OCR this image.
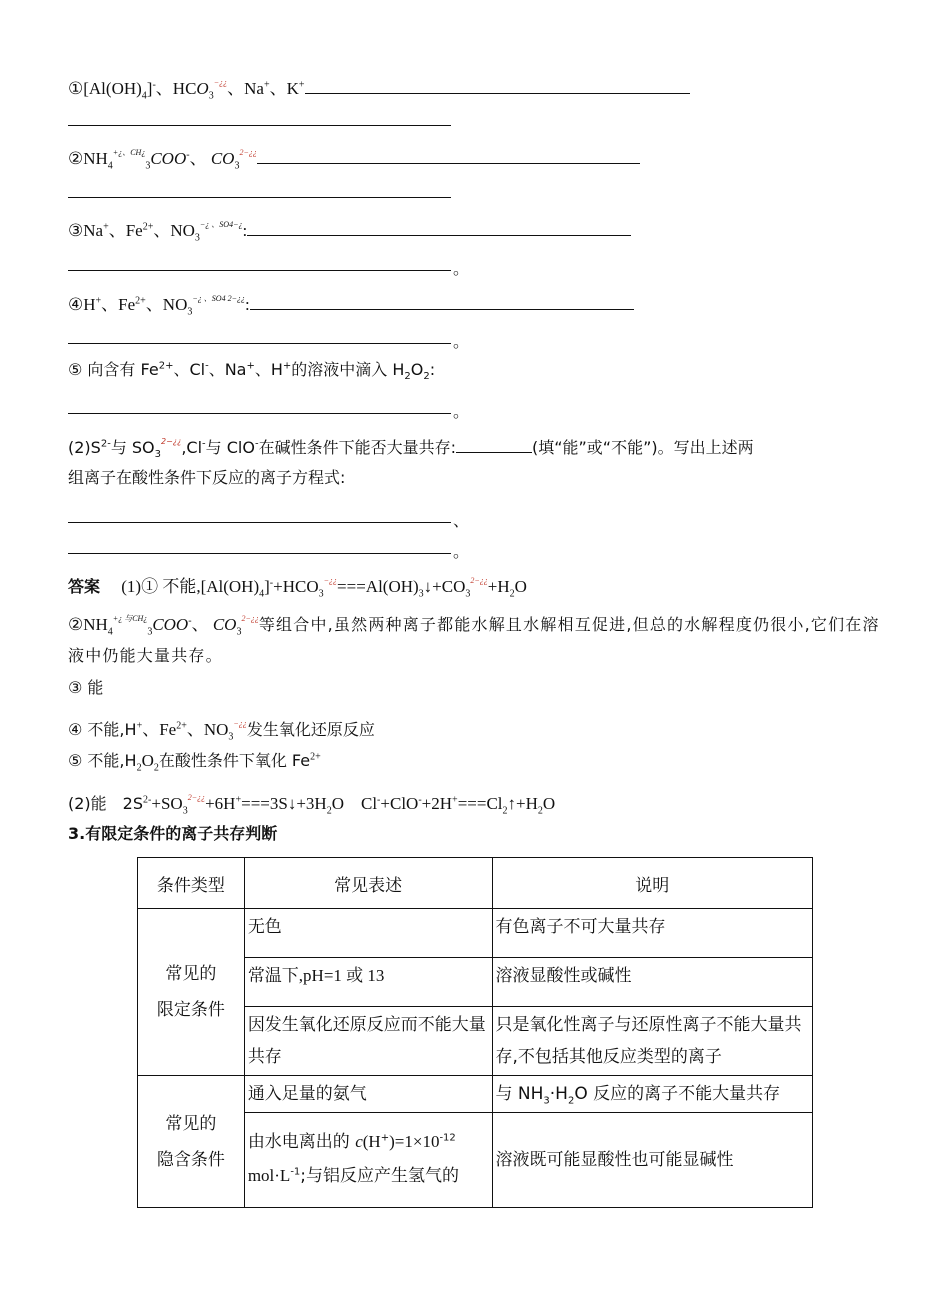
$①[Al(OH)_4]^-$、$HCO_3^{-¿¿}$、Na+、K+
$②NH_4^{+¿、CH¿}_3COO^-$、 $CO_3^{2-¿¿}$
③Na+、$Fe^{2+}$、$NO_3^{-¿ 、SO4-¿}$:
。
④H+、$Fe^{2+}$、$NO_3^{-¿ 、SO4 2-¿¿}$:
。
⑤ 向含有 $Fe^{2+}$、Cl-、Na+、H+的溶液中滴入 $H_2O_2$:
。
$(2)S^{2-}$与 $SO_3^{2-¿¿},Cl^-$与 ClO-在碱性条件下能否大量共存:	(填“能”或“不能”)。写出上述两
组离子在酸性条件下反应的离子方程式:
、
。
答案　 (1)① 不能$,[Al(OH)_4]^-+HCO_3^{-¿¿}===Al(OH)_3↓+CO_3^{2-¿¿}+H_2O$
$②NH_4^{+¿ 与CH¿}_3COO^-$、 $CO_3^{2-¿¿}$等组合中,虽然两种离子都能水解且水解相互促进,但总的水解程度仍很小,它们在溶液中仍能大量共存。
③ 能
④ 不能,H+、$Fe^{2+}$、$NO_3^{-¿¿}$发生氧化还原反应
⑤ 不能$,H_2O_2$在酸性条件下氧化 $Fe^{2+}$
(2)能　$2S^{2-}+SO_3^{2-¿¿}+6H^+===3S↓+3H_2O$　$Cl^-+ClO^-+2H^+===Cl_2↑+H_2O$
3.有限定条件的离子共存判断
条件类型	常见表述	说明

常见的
限定条件	无色	有色离子不可大量共存
	常温下,pH=1 或 13	溶液显酸性或碱性
	因发生氧化还原反应而不能大量共存	只是氧化性离子与还原性离子不能大量共存,不包括其他反应类型的离子

常见的
隐含条件	通入足量的氨气	与 $NH_3\cdot H_2O$ 反应的离子不能大量共存
	由水电离出的 $c(H^+)=1\times 10^{-12}$
$mol\cdot L^{-1}$;与铝反应产生氢气的	溶液既可能显酸性也可能显碱性
